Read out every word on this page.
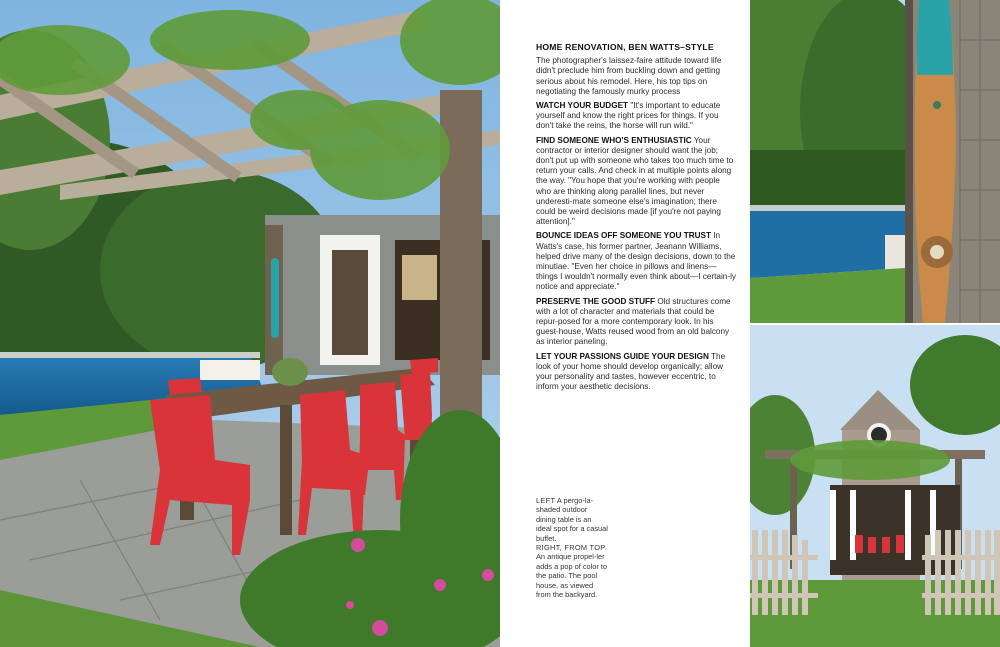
HOME RENOVATION, BEN WATTS–STYLE

The photographer's laissez-faire attitude toward life didn't preclude him from buckling down and getting serious about his remodel. Here, his top tips on negotiating the famously murky process

WATCH YOUR BUDGET "It's important to educate yourself and know the right prices for things. If you don't take the reins, the horse will run wild."

FIND SOMEONE WHO'S ENTHUSIASTIC Your contractor or interior designer should want the job; don't put up with someone who takes too much time to return your calls. And check in at multiple points along the way. "You hope that you're working with people who are thinking along parallel lines, but never underesti-mate someone else's imagination; there could be weird decisions made [if you're not paying attention]."

BOUNCE IDEAS OFF SOMEONE YOU TRUST In Watts's case, his former partner, Jeanann Williams, helped drive many of the design decisions, down to the minutiae. "Even her choice in pillows and linens—things I wouldn't normally even think about—I certain-ly notice and appreciate."

PRESERVE THE GOOD STUFF Old structures come with a lot of character and materials that could be repur-posed for a more contemporary look. In his guest-house, Watts reused wood from an old balcony as interior paneling.

LET YOUR PASSIONS GUIDE YOUR DESIGN The look of your home should develop organically; allow your personality and tastes, however eccentric, to inform your aesthetic decisions.

LEFT A pergo-la-shaded outdoor dining table is an ideal spot for a casual buffet.
RIGHT, FROM TOP An antique propel-ler adds a pop of color to the patio. The pool house, as viewed from the backyard.
